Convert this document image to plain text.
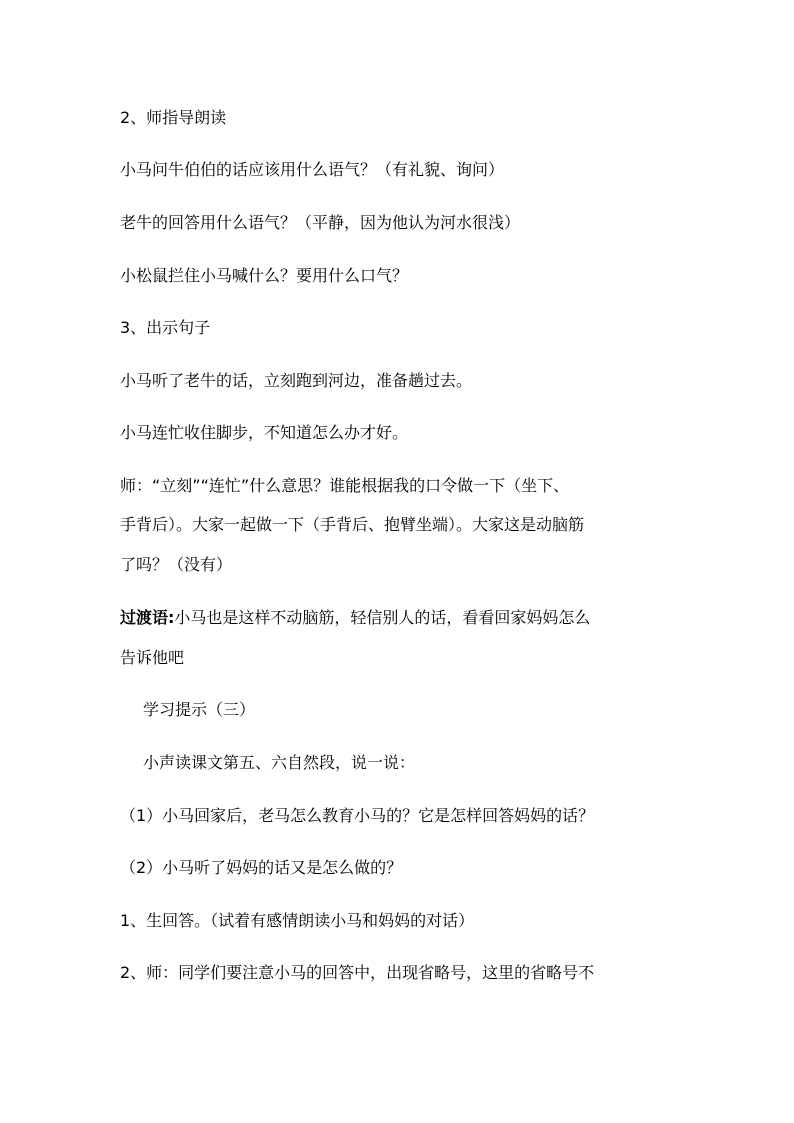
2、师指导朗读
小马问牛伯伯的话应该用什么语气？（有礼貌、询问）
老牛的回答用什么语气？（平静，因为他认为河水很浅）
小松鼠拦住小马喊什么？要用什么口气？
3、出示句子
小马听了老牛的话，立刻跑到河边，准备趟过去。
小马连忙收住脚步，不知道怎么办才好。
师：“立刻”“连忙”什么意思？谁能根据我的口令做一下（坐下、
手背后）。大家一起做一下（手背后、抱臂坐端）。大家这是动脑筋
了吗？（没有）
过渡语:小马也是这样不动脑筋，轻信别人的话，看看回家妈妈怎么
告诉他吧
学习提示（三）
小声读课文第五、六自然段，说一说：
（1）小马回家后，老马怎么教育小马的？它是怎样回答妈妈的话？
（2）小马听了妈妈的话又是怎么做的？
1、生回答。（试着有感情朗读小马和妈妈的对话）
2、师：同学们要注意小马的回答中，出现省略号，这里的省略号不
